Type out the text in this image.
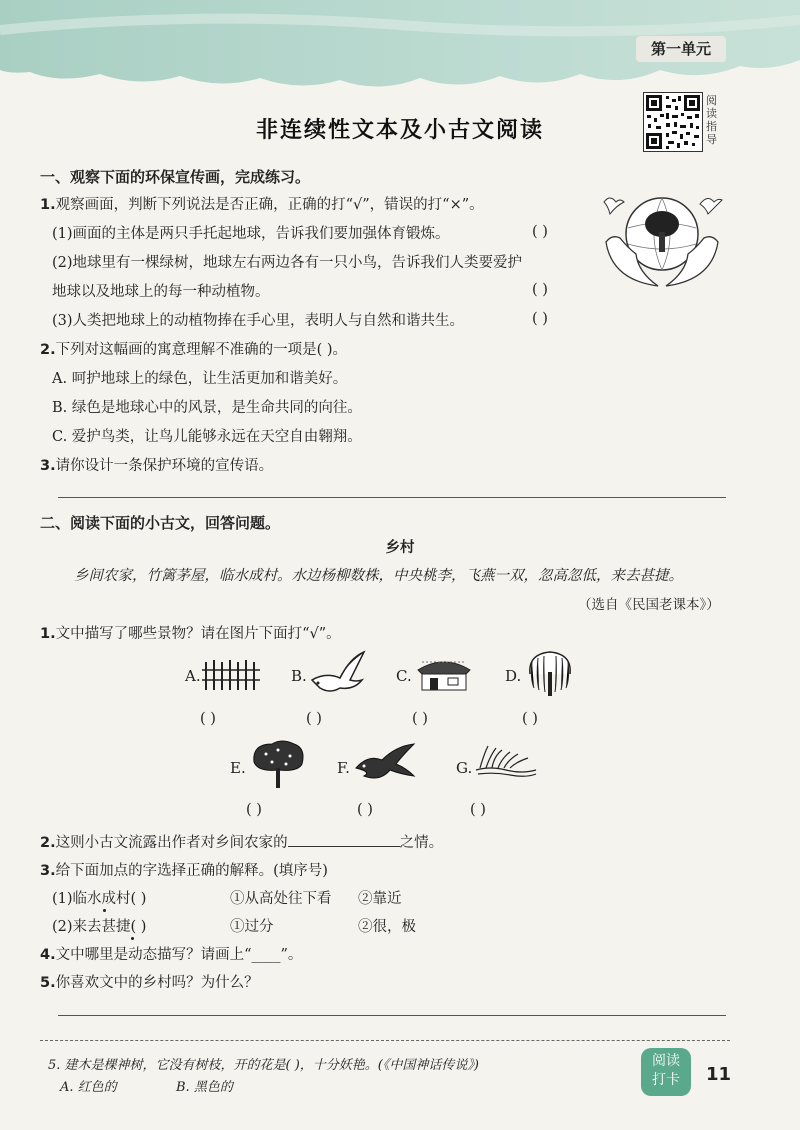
第一单元
阅读指导
非连续性文本及小古文阅读
一、观察下面的环保宣传画，完成练习。
1.观察画面，判断下列说法是否正确，正确的打“√”，错误的打“×”。
(1)画面的主体是两只手托起地球，告诉我们要加强体育锻炼。	( )
(2)地球里有一棵绿树，地球左右两边各有一只小鸟，告诉我们人类要爱护
地球以及地球上的每一种动植物。	( )
(3)人类把地球上的动植物捧在手心里，表明人与自然和谐共生。	( )
2.下列对这幅画的寓意理解不准确的一项是( )。
A. 呵护地球上的绿色，让生活更加和谐美好。
B. 绿色是地球心中的风景，是生命共同的向往。
C. 爱护鸟类，让鸟儿能够永远在天空自由翱翔。
3.请你设计一条保护环境的宣传语。
二、阅读下面的小古文，回答问题。
乡村
乡间农家，竹篱茅屋，临水成村。水边杨柳数株，中央桃李，飞燕一双，忽高忽低，来去甚捷。
（选自《民国老课本》）
1.文中描写了哪些景物？请在图片下面打“√”。
A.	B.	C.	D.
( )	( )	( )	( )
E.	F.	G.
( )	( )	( )
2.这则小古文流露出作者对乡间农家的	之情。
3.给下面加点的字选择正确的解释。(填序号)
(1)临水成村( )	①从高处往下看 ②靠近
(2)来去甚捷( )	①过分	②很，极
4.文中哪里是动态描写？请画上“____”。
5.你喜欢文中的乡村吗？为什么？
5. 建木是棵神树，它没有树枝，开的花是( )，十分妖艳。(《中国神话传说》)
A. 红色的	B. 黑色的
阅读
打卡	11
